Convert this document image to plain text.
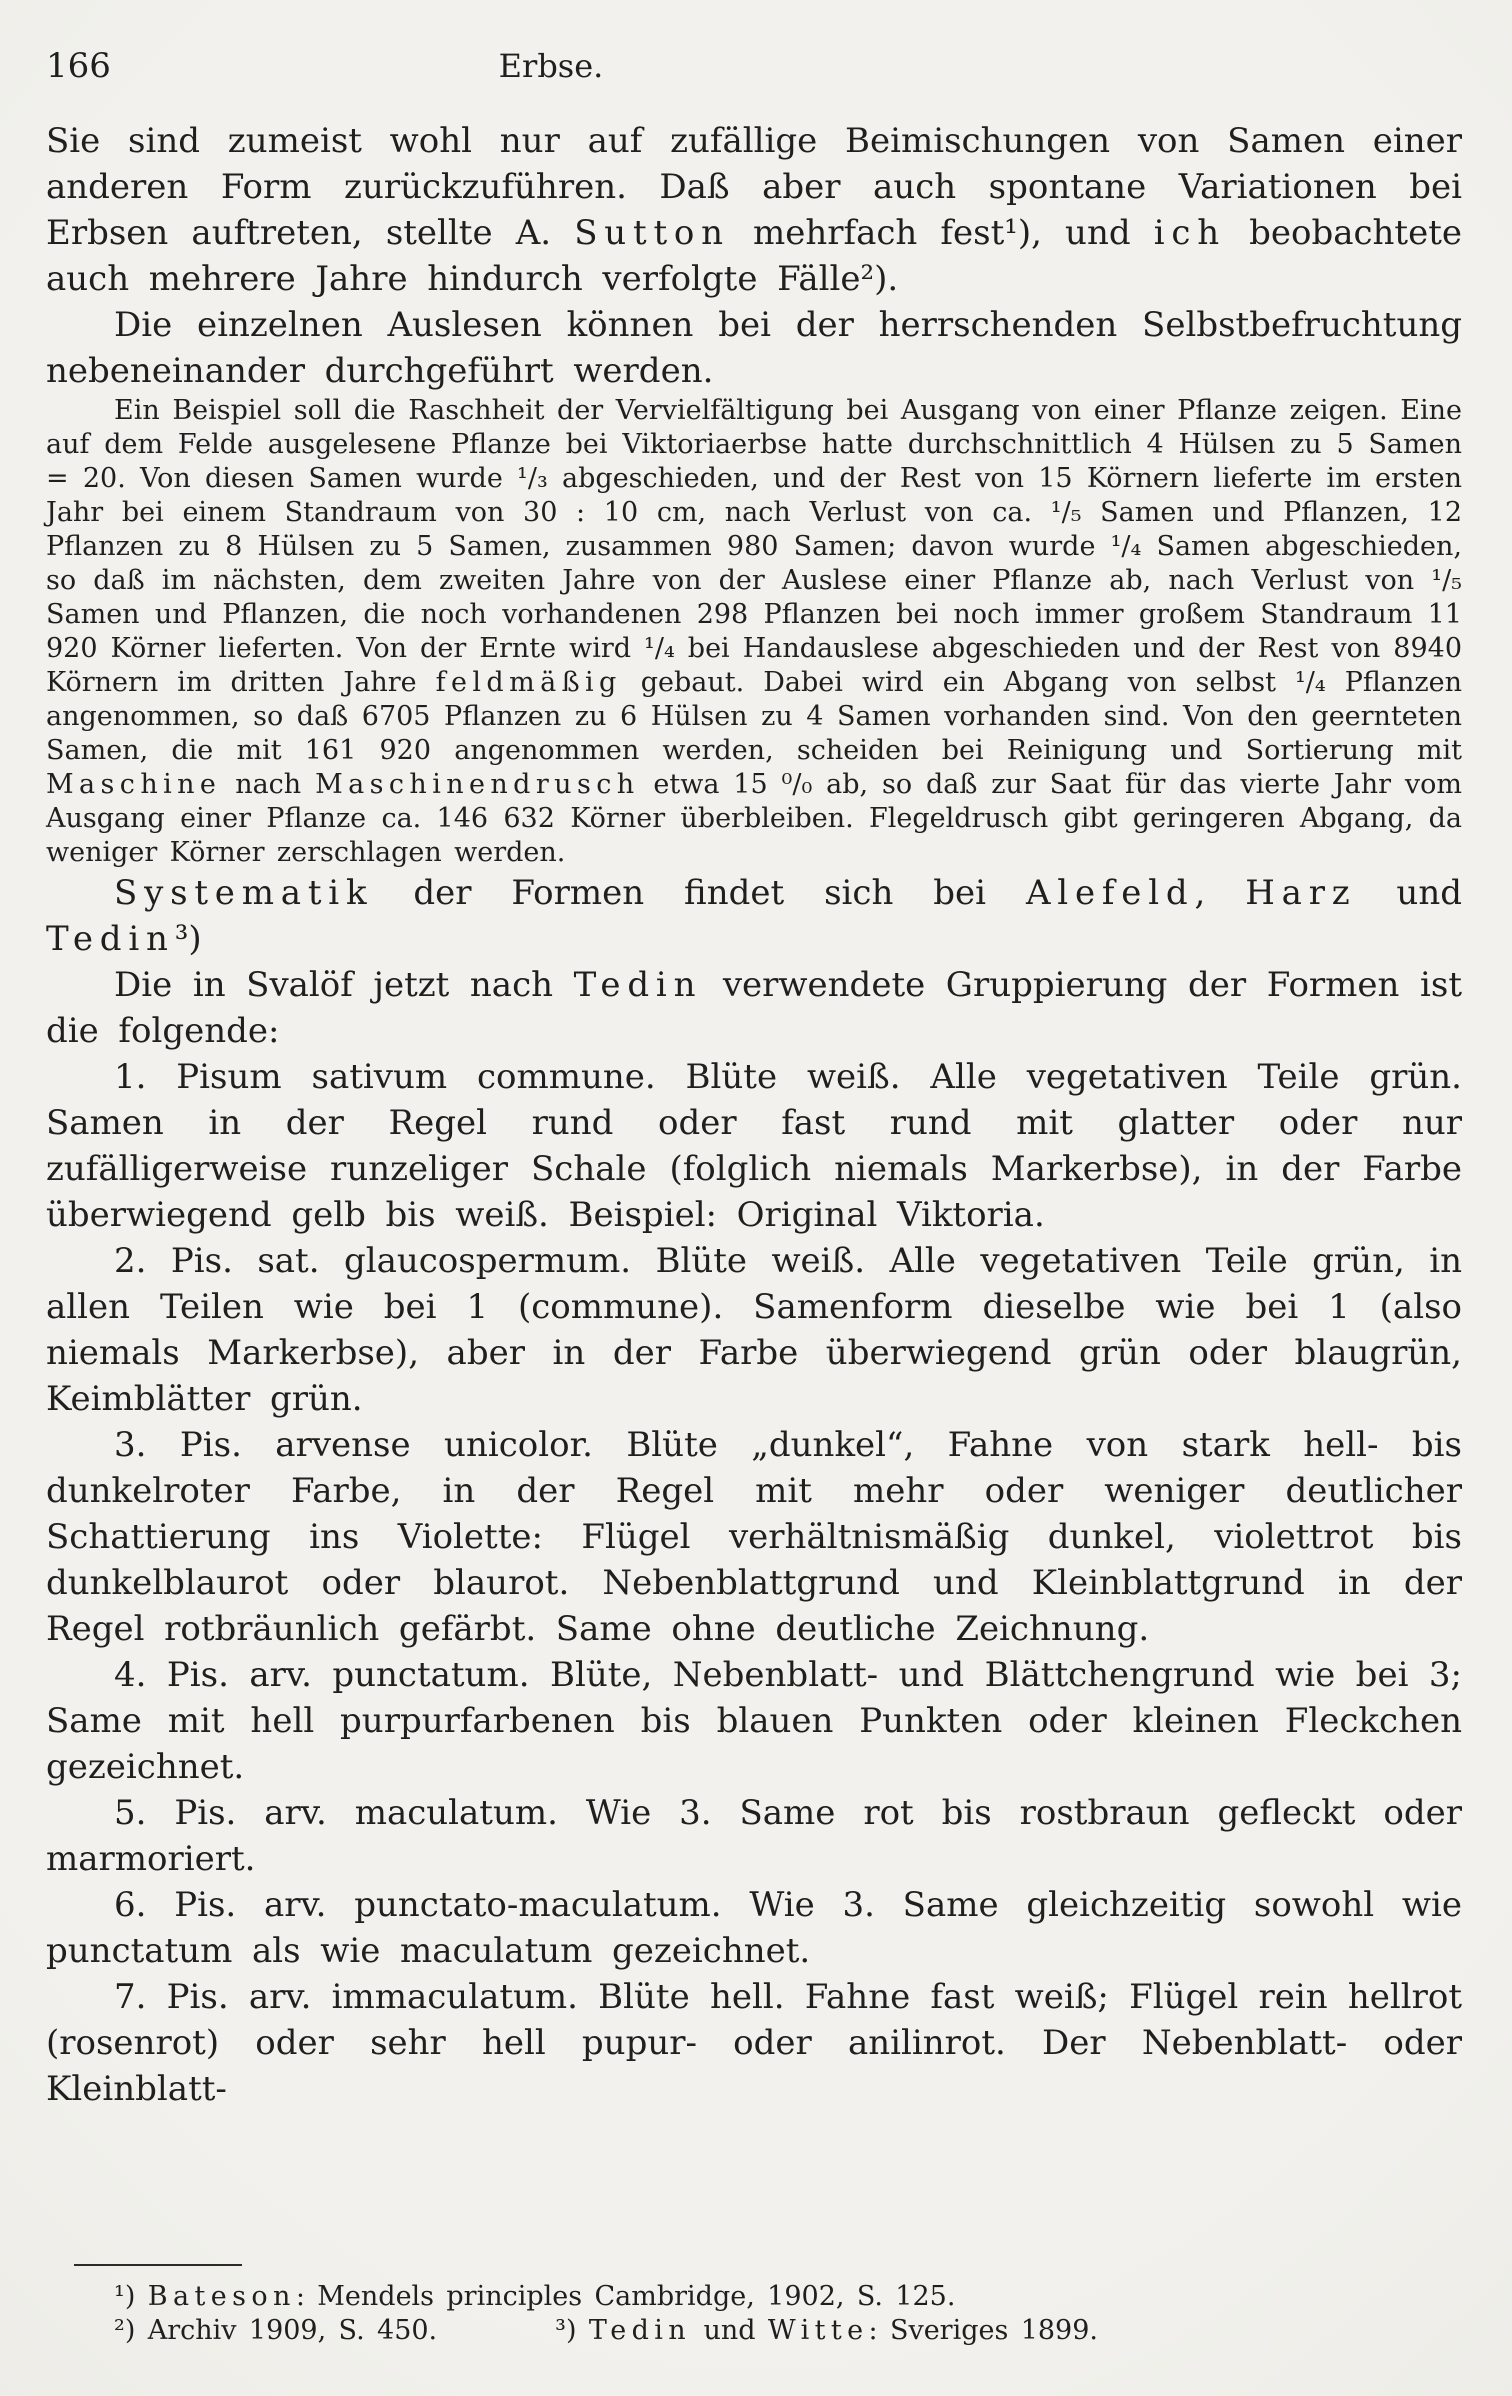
166	Erbse.

Sie sind zumeist wohl nur auf zufällige Beimischungen von Samen einer anderen Form zurückzuführen. Daß aber auch spontane Variationen bei Erbsen auftreten, stellte A. Sutton mehrfach fest¹), und ich beobachtete auch mehrere Jahre hindurch verfolgte Fälle²).

Die einzelnen Auslesen können bei der herrschenden Selbstbefruchtung nebeneinander durchgeführt werden.

Ein Beispiel soll die Raschheit der Vervielfältigung bei Ausgang von einer Pflanze zeigen. Eine auf dem Felde ausgelesene Pflanze bei Viktoriaerbse hatte durchschnittlich 4 Hülsen zu 5 Samen = 20. Von diesen Samen wurde ¹/₃ abgeschieden, und der Rest von 15 Körnern lieferte im ersten Jahr bei einem Standraum von 30 : 10 cm, nach Verlust von ca. ¹/₅ Samen und Pflanzen, 12 Pflanzen zu 8 Hülsen zu 5 Samen, zusammen 980 Samen; davon wurde ¹/₄ Samen abgeschieden, so daß im nächsten, dem zweiten Jahre von der Auslese einer Pflanze ab, nach Verlust von ¹/₅ Samen und Pflanzen, die noch vorhandenen 298 Pflanzen bei noch immer großem Standraum 11 920 Körner lieferten. Von der Ernte wird ¹/₄ bei Handauslese abgeschieden und der Rest von 8940 Körnern im dritten Jahre feldmäßig gebaut. Dabei wird ein Abgang von selbst ¹/₄ Pflanzen angenommen, so daß 6705 Pflanzen zu 6 Hülsen zu 4 Samen vorhanden sind. Von den geernteten Samen, die mit 161 920 angenommen werden, scheiden bei Reinigung und Sortierung mit Maschine nach Maschinendrusch etwa 15 ⁰/₀ ab, so daß zur Saat für das vierte Jahr vom Ausgang einer Pflanze ca. 146 632 Körner überbleiben. Flegeldrusch gibt geringeren Abgang, da weniger Körner zerschlagen werden.

Systematik der Formen findet sich bei Alefeld, Harz und Tedin³)

Die in Svalöf jetzt nach Tedin verwendete Gruppierung der Formen ist die folgende:

1. Pisum sativum commune. Blüte weiß. Alle vegetativen Teile grün. Samen in der Regel rund oder fast rund mit glatter oder nur zufälligerweise runzeliger Schale (folglich niemals Markerbse), in der Farbe überwiegend gelb bis weiß. Beispiel: Original Viktoria.

2. Pis. sat. glaucospermum. Blüte weiß. Alle vegetativen Teile grün, in allen Teilen wie bei 1 (commune). Samenform dieselbe wie bei 1 (also niemals Markerbse), aber in der Farbe überwiegend grün oder blaugrün, Keimblätter grün.

3. Pis. arvense unicolor. Blüte „dunkel“, Fahne von stark hell- bis dunkelroter Farbe, in der Regel mit mehr oder weniger deutlicher Schattierung ins Violette: Flügel verhältnismäßig dunkel, violettrot bis dunkelblaurot oder blaurot. Nebenblattgrund und Kleinblattgrund in der Regel rotbräunlich gefärbt. Same ohne deutliche Zeichnung.

4. Pis. arv. punctatum. Blüte, Nebenblatt- und Blättchengrund wie bei 3; Same mit hell purpurfarbenen bis blauen Punkten oder kleinen Fleckchen gezeichnet.

5. Pis. arv. maculatum. Wie 3. Same rot bis rostbraun gefleckt oder marmoriert.

6. Pis. arv. punctato-maculatum. Wie 3. Same gleichzeitig sowohl wie punctatum als wie maculatum gezeichnet.

7. Pis. arv. immaculatum. Blüte hell. Fahne fast weiß; Flügel rein hellrot (rosenrot) oder sehr hell pupur- oder anilinrot. Der Nebenblatt- oder Kleinblatt-

¹) Bateson: Mendels principles Cambridge, 1902, S. 125.

²) Archiv 1909, S. 450.	³) Tedin und Witte: Sveriges 1899.
